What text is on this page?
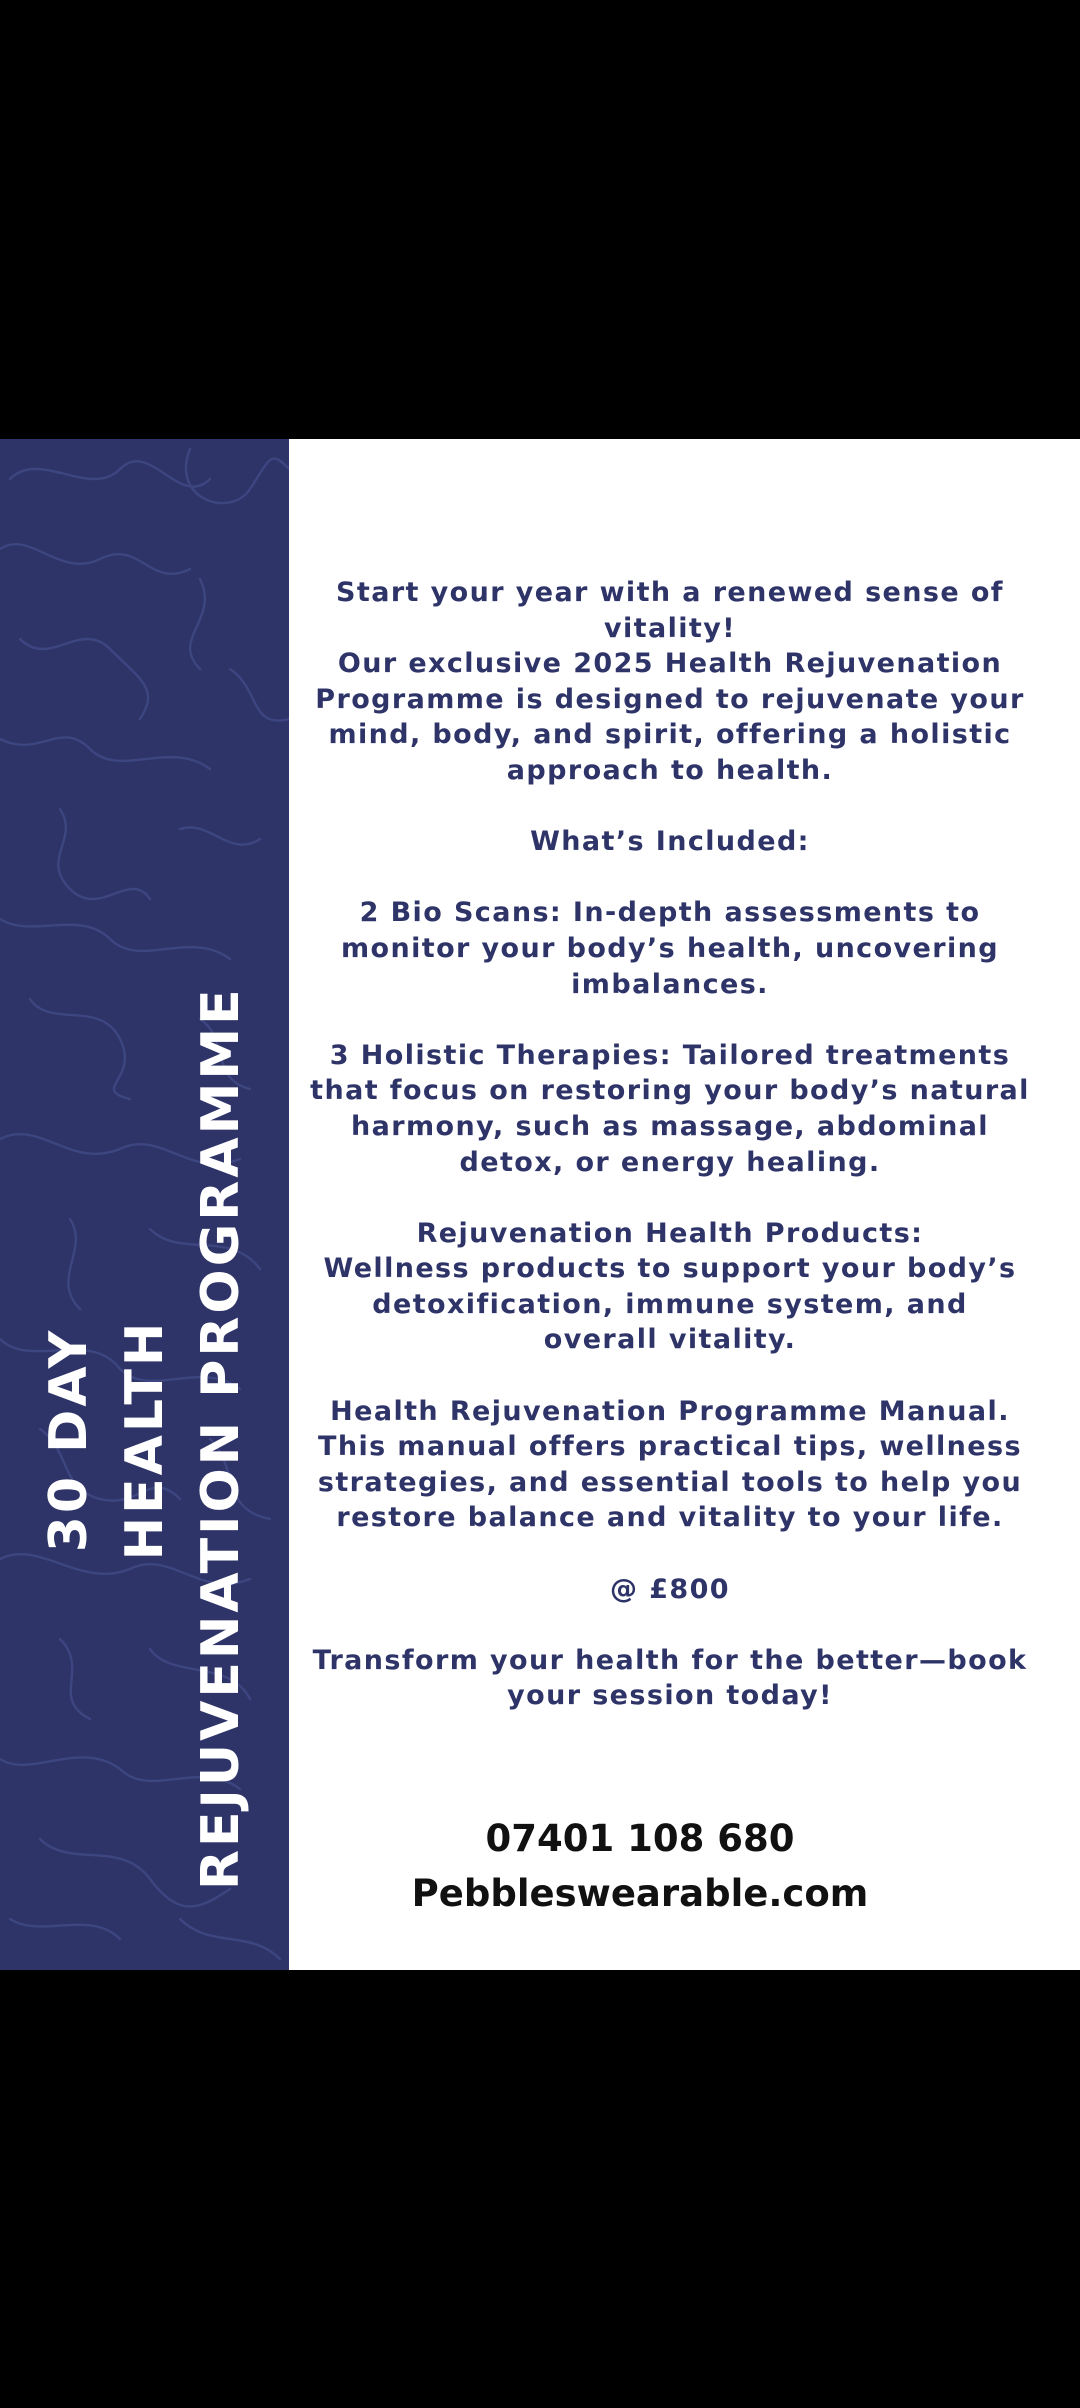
30 DAY HEALTH REJUVENATION PROGRAMME

Start your year with a renewed sense of vitality!

Our exclusive 2025 Health Rejuvenation Programme is designed to rejuvenate your mind, body, and spirit, offering a holistic approach to health.

What’s Included:

2 Bio Scans: In-depth assessments to monitor your body’s health, uncovering imbalances.

3 Holistic Therapies: Tailored treatments that focus on restoring your body’s natural harmony, such as massage, abdominal detox, or energy healing.

Rejuvenation Health Products:

Wellness products to support your body’s detoxification, immune system, and overall vitality.

Health Rejuvenation Programme Manual. This manual offers practical tips, wellness strategies, and essential tools to help you restore balance and vitality to your life.

@ £800

Transform your health for the better—book your session today!

07401 108 680
Pebbleswearable.com
